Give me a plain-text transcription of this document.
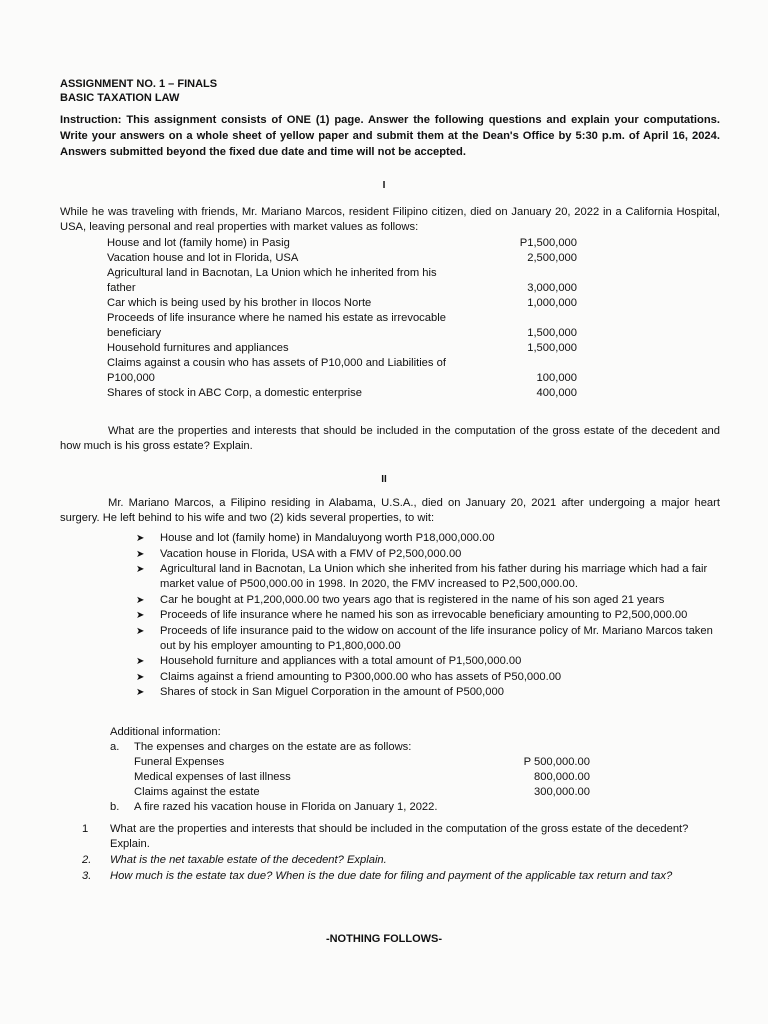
ASSIGNMENT NO. 1 – FINALS
BASIC TAXATION LAW
Instruction: This assignment consists of ONE (1) page. Answer the following questions and explain your computations. Write your answers on a whole sheet of yellow paper and submit them at the Dean's Office by 5:30 p.m. of April 16, 2024. Answers submitted beyond the fixed due date and time will not be accepted.
I
While he was traveling with friends, Mr. Mariano Marcos, resident Filipino citizen, died on January 20, 2022 in a California Hospital, USA, leaving personal and real properties with market values as follows:
House and lot (family home) in Pasig	P1,500,000
Vacation house and lot in Florida, USA	2,500,000
Agricultural land in Bacnotan, La Union which he inherited from his father	3,000,000
Car which is being used by his brother in Ilocos Norte	1,000,000
Proceeds of life insurance where he named his estate as irrevocable beneficiary	1,500,000
Household furnitures and appliances	1,500,000
Claims against a cousin who has assets of P10,000 and Liabilities of P100,000	100,000
Shares of stock in ABC Corp, a domestic enterprise	400,000
What are the properties and interests that should be included in the computation of the gross estate of the decedent and how much is his gross estate? Explain.
II
Mr. Mariano Marcos, a Filipino residing in Alabama, U.S.A., died on January 20, 2021 after undergoing a major heart surgery. He left behind to his wife and two (2) kids several properties, to wit:
➤ House and lot (family home) in Mandaluyong worth P18,000,000.00
➤ Vacation house in Florida, USA with a FMV of P2,500,000.00
➤ Agricultural land in Bacnotan, La Union which she inherited from his father during his marriage which had a fair market value of P500,000.00 in 1998. In 2020, the FMV increased to P2,500,000.00.
➤ Car he bought at P1,200,000.00 two years ago that is registered in the name of his son aged 21 years
➤ Proceeds of life insurance where he named his son as irrevocable beneficiary amounting to P2,500,000.00
➤ Proceeds of life insurance paid to the widow on account of the life insurance policy of Mr. Mariano Marcos taken out by his employer amounting to P1,800,000.00
➤ Household furniture and appliances with a total amount of P1,500,000.00
➤ Claims against a friend amounting to P300,000.00 who has assets of P50,000.00
➤ Shares of stock in San Miguel Corporation in the amount of P500,000
Additional information:
a. The expenses and charges on the estate are as follows:
Funeral Expenses	P 500,000.00
Medical expenses of last illness	800,000.00
Claims against the estate	300,000.00
b. A fire razed his vacation house in Florida on January 1, 2022.
1 What are the properties and interests that should be included in the computation of the gross estate of the decedent? Explain.
2. What is the net taxable estate of the decedent? Explain.
3. How much is the estate tax due? When is the due date for filing and payment of the applicable tax return and tax?
-NOTHING FOLLOWS-
